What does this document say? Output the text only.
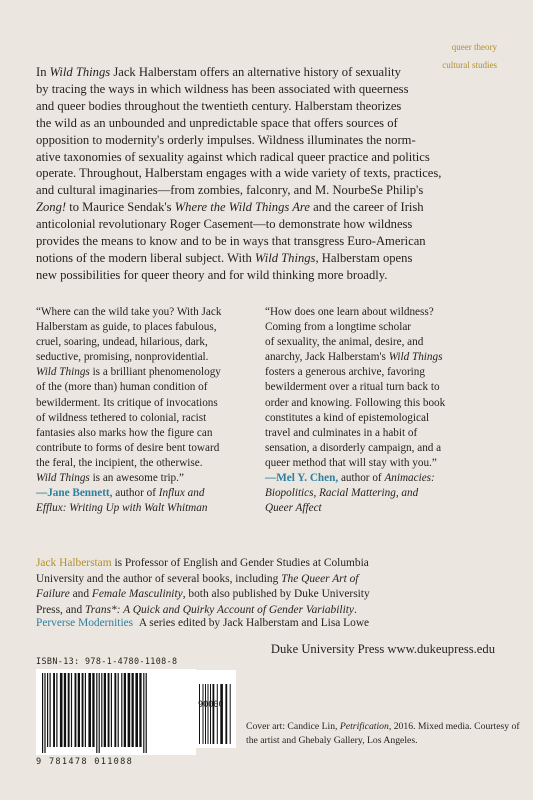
queer theory
cultural studies
In Wild Things Jack Halberstam offers an alternative history of sexuality
by tracing the ways in which wildness has been associated with queerness
and queer bodies throughout the twentieth century. Halberstam theorizes
the wild as an unbounded and unpredictable space that offers sources of
opposition to modernity's orderly impulses. Wildness illuminates the norm-
ative taxonomies of sexuality against which radical queer practice and politics
operate. Throughout, Halberstam engages with a wide variety of texts, practices,
and cultural imaginaries—from zombies, falconry, and M. NourbeSe Philip's
Zong! to Maurice Sendak's Where the Wild Things Are and the career of Irish
anticolonial revolutionary Roger Casement—to demonstrate how wildness
provides the means to know and to be in ways that transgress Euro-American
notions of the modern liberal subject. With Wild Things, Halberstam opens
new possibilities for queer theory and for wild thinking more broadly.
“Where can the wild take you? With Jack
Halberstam as guide, to places fabulous,
cruel, soaring, undead, hilarious, dark,
seductive, promising, nonprovidential.
Wild Things is a brilliant phenomenology
of the (more than) human condition of
bewilderment. Its critique of invocations
of wildness tethered to colonial, racist
fantasies also marks how the figure can
contribute to forms of desire bent toward
the feral, the incipient, the otherwise.
Wild Things is an awesome trip.”
—Jane Bennett, author of Influx and
Efflux: Writing Up with Walt Whitman
“How does one learn about wildness?
Coming from a longtime scholar
of sexuality, the animal, desire, and
anarchy, Jack Halberstam's Wild Things
fosters a generous archive, favoring
bewilderment over a ritual turn back to
order and knowing. Following this book
constitutes a kind of epistemological
travel and culminates in a habit of
sensation, a disorderly campaign, and a
queer method that will stay with you.”
—Mel Y. Chen, author of Animacies:
Biopolitics, Racial Mattering, and
Queer Affect
Jack Halberstam is Professor of English and Gender Studies at Columbia
University and the author of several books, including The Queer Art of
Failure and Female Masculinity, both also published by Duke University
Press, and Trans*: A Quick and Quirky Account of Gender Variability.
Perverse Modernities A series edited by Jack Halberstam and Lisa Lowe
Duke University Press www.dukeupress.edu
ISBN-13: 978-1-4780-1108-8
90000
9 781478 011088
Cover art: Candice Lin, Petrification, 2016. Mixed media. Courtesy of
the artist and Ghebaly Gallery, Los Angeles.
